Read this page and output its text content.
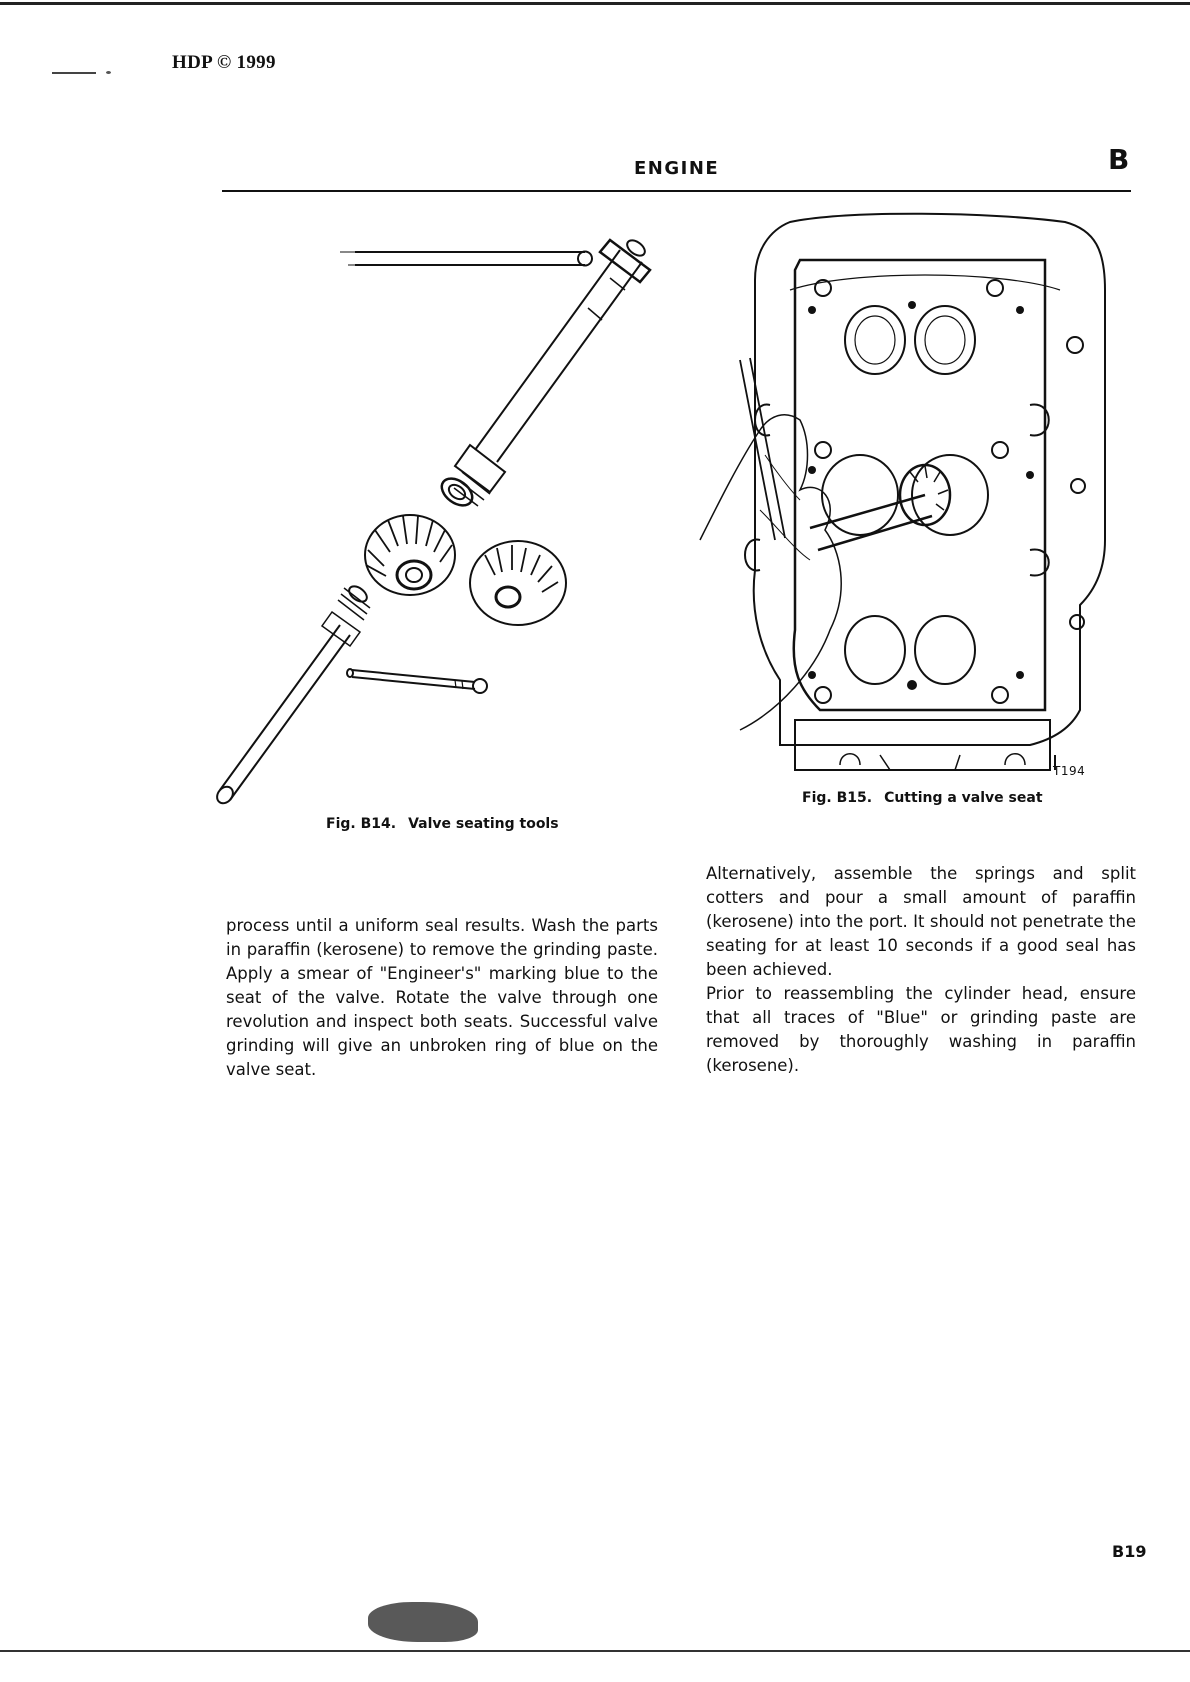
HDP © 1999
ENGINE	B
T194
Fig. B14. Valve seating tools
Fig. B15. Cutting a valve seat

process until a uniform seal results. Wash the parts in paraffin (kerosene) to remove the grinding paste. Apply a smear of "Engineer's" marking blue to the seat of the valve. Rotate the valve through one revolution and inspect both seats. Successful valve grinding will give an unbroken ring of blue on the valve seat.

Alternatively, assemble the springs and split cotters and pour a small amount of paraffin (kerosene) into the port. It should not penetrate the seating for at least 10 seconds if a good seal has been achieved.

Prior to reassembling the cylinder head, ensure that all traces of "Blue" or grinding paste are removed by thoroughly washing in paraffin (kerosene).

B19
